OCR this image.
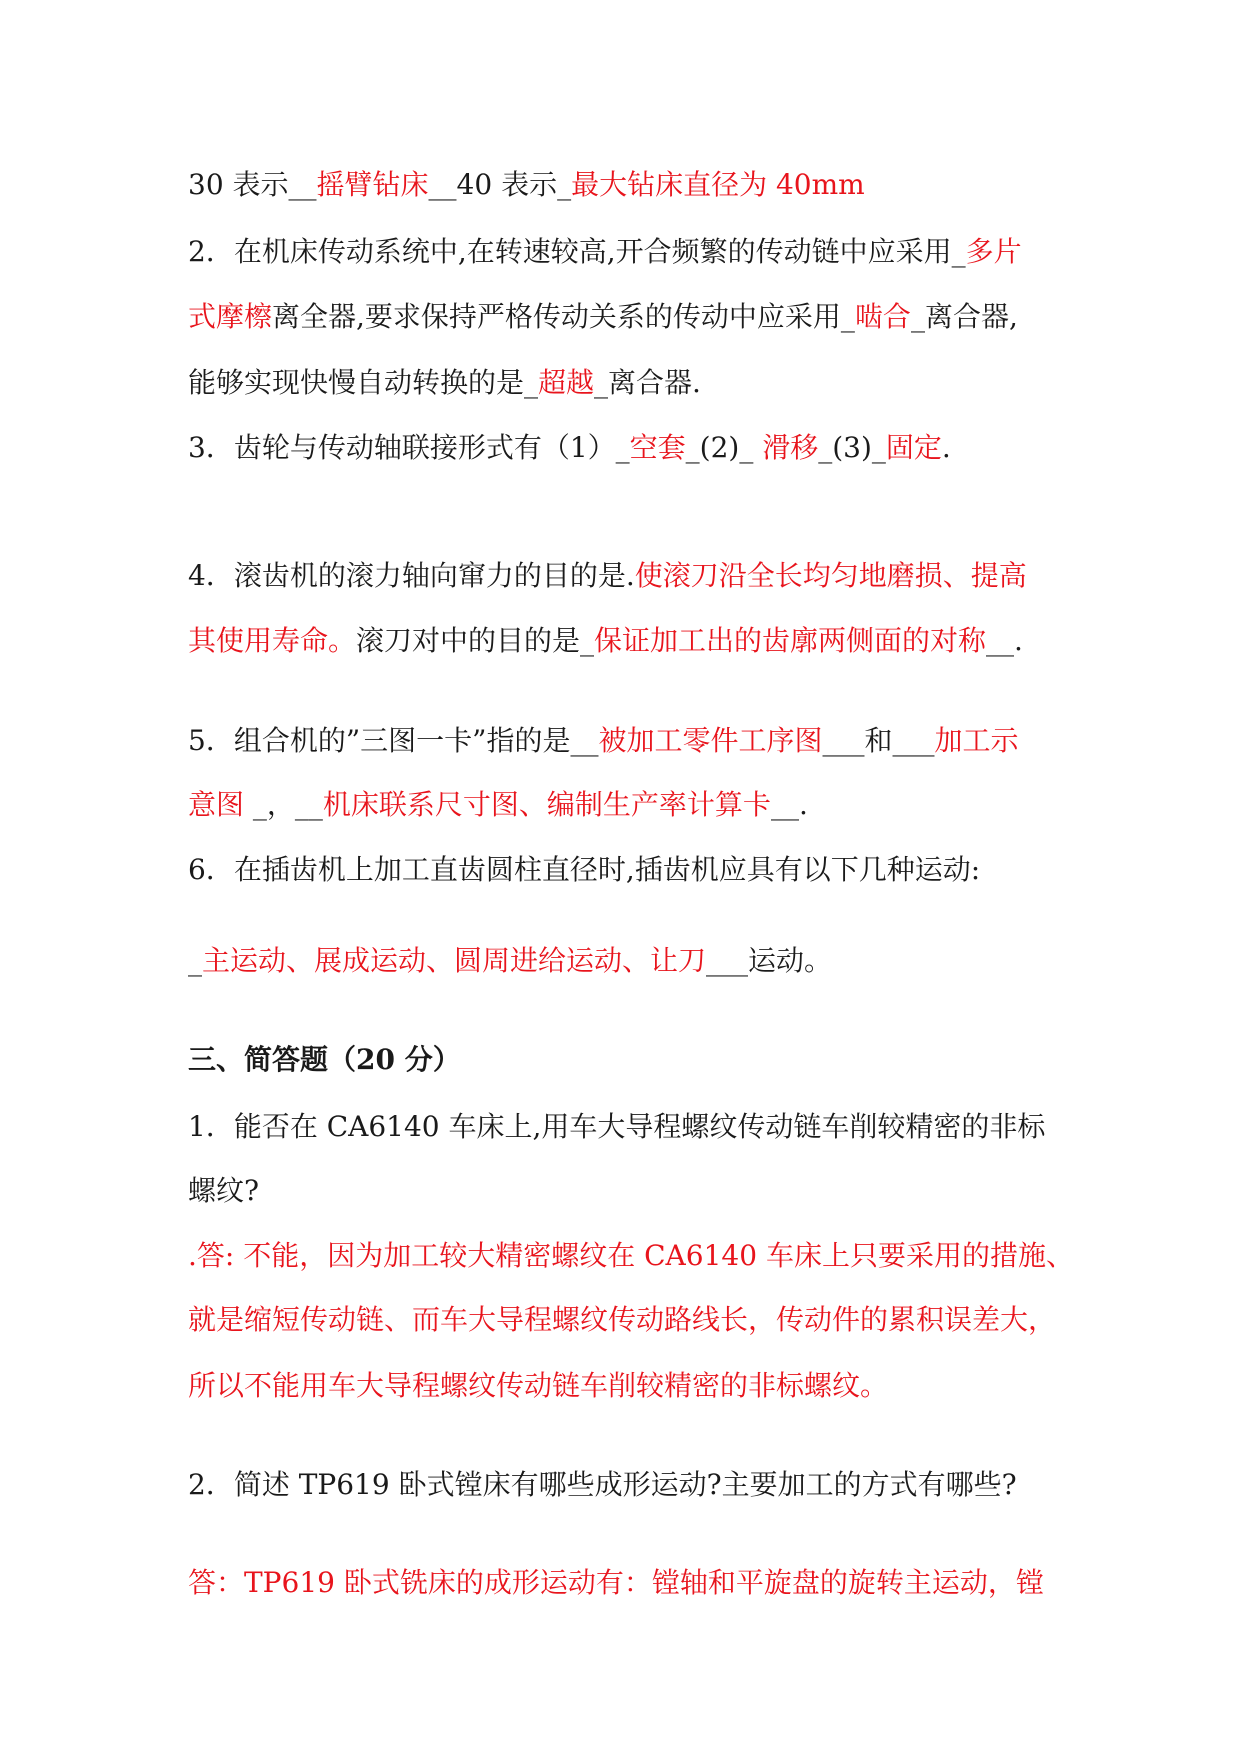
30 表示__摇臂钻床__40 表示_最大钻床直径为 40mm
2．在机床传动系统中,在转速较高,开合频繁的传动链中应采用_多片
式摩檫离全器,要求保持严格传动关系的传动中应采用_啮合_离合器,
能够实现快慢自动转换的是_超越_离合器.
3．齿轮与传动轴联接形式有（1）_空套_(2)_ 滑移_(3)_固定.
4．滚齿机的滚力轴向窜力的目的是.使滚刀沿全长均匀地磨损、提高
其使用寿命。滚刀对中的目的是_保证加工出的齿廓两侧面的对称__.
5．组合机的”三图一卡”指的是__被加工零件工序图___和___加工示
意图 _，__机床联系尺寸图、编制生产率计算卡__.
6．在插齿机上加工直齿圆柱直径时,插齿机应具有以下几种运动:
_主运动、展成运动、圆周进给运动、让刀___运动。
三、简答题（20 分）
1．能否在 CA6140 车床上,用车大导程螺纹传动链车削较精密的非标
螺纹?
.答: 不能，因为加工较大精密螺纹在 CA6140 车床上只要采用的措施、
就是缩短传动链、而车大导程螺纹传动路线长，传动件的累积误差大，
所以不能用车大导程螺纹传动链车削较精密的非标螺纹。
2．简述 TP619 卧式镗床有哪些成形运动?主要加工的方式有哪些?
答：TP619 卧式铣床的成形运动有：镗轴和平旋盘的旋转主运动，镗
